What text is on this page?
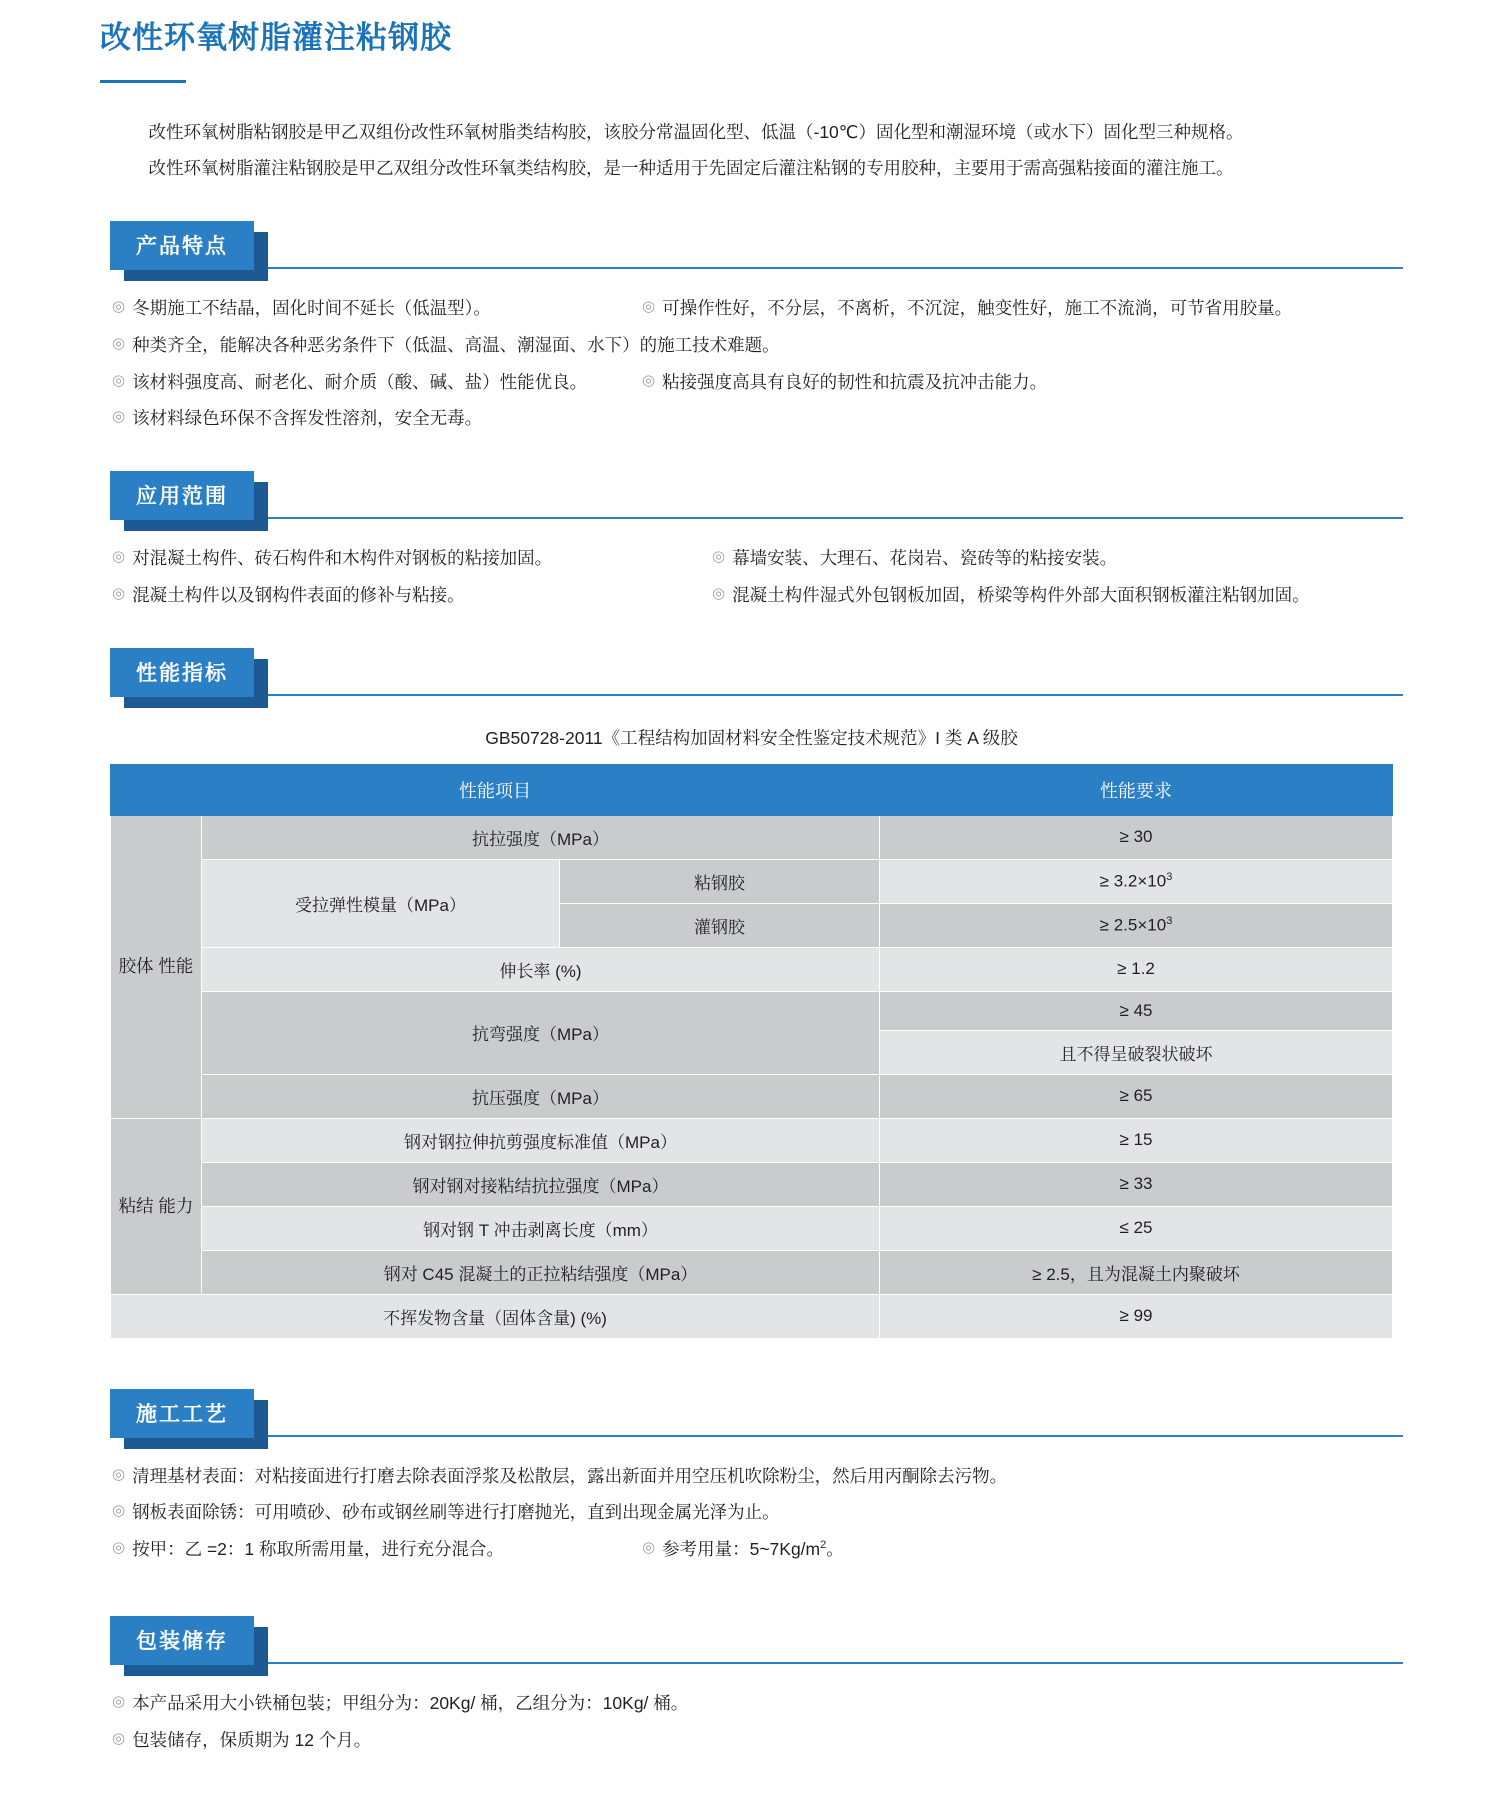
改性环氧树脂灌注粘钢胶

改性环氧树脂粘钢胶是甲乙双组份改性环氧树脂类结构胶，该胶分常温固化型、低温（-10℃）固化型和潮湿环境（或水下）固化型三种规格。

改性环氧树脂灌注粘钢胶是甲乙双组分改性环氧类结构胶，是一种适用于先固定后灌注粘钢的专用胶种，主要用于需高强粘接面的灌注施工。

产品特点
◎ 冬期施工不结晶，固化时间不延长（低温型）。	◎ 可操作性好，不分层，不离析，不沉淀，触变性好，施工不流淌，可节省用胶量。
◎ 种类齐全，能解决各种恶劣条件下（低温、高温、潮湿面、水下）的施工技术难题。
◎ 该材料强度高、耐老化、耐介质（酸、碱、盐）性能优良。	◎ 粘接强度高具有良好的韧性和抗震及抗冲击能力。
◎ 该材料绿色环保不含挥发性溶剂，安全无毒。
应用范围
◎ 对混凝土构件、砖石构件和木构件对钢板的粘接加固。	◎ 幕墙安装、大理石、花岗岩、瓷砖等的粘接安装。
◎ 混凝土构件以及钢构件表面的修补与粘接。	◎ 混凝土构件湿式外包钢板加固，桥梁等构件外部大面积钢板灌注粘钢加固。
性能指标
GB50728-2011《工程结构加固材料安全性鉴定技术规范》I 类 A 级胶
性能项目			性能要求
胶体 性能	抗拉强度（MPa）		≥ 30
	受拉弹性模量（MPa）	粘钢胶	≥ $3.2\times 10^3$
		灌钢胶	≥ $2.5\times 10^3$
	伸长率 (%)		≥ 1.2
	抗弯强度（MPa）		≥ 45
			且不得呈破裂状破坏
	抗压强度（MPa）		≥ 65
粘结 能力	钢对钢拉伸抗剪强度标准值（MPa）		≥ 15
	钢对钢对接粘结抗拉强度（MPa）		≥ 33
	钢对钢 T 冲击剥离长度（mm）		≤ 25
	钢对 C45 混凝土的正拉粘结强度（MPa）		≥ 2.5，且为混凝土内聚破坏
不挥发物含量（固体含量) (%)			≥ 99
施工工艺
◎ 清理基材表面：对粘接面进行打磨去除表面浮浆及松散层，露出新面并用空压机吹除粉尘，然后用丙酮除去污物。
◎ 钢板表面除锈：可用喷砂、砂布或钢丝刷等进行打磨抛光，直到出现金属光泽为止。
◎ 按甲：乙 =2：1 称取所需用量，进行充分混合。	◎ 参考用量：$5\sim 7Kg/m^2$。
包装储存
◎ 本产品采用大小铁桶包装；甲组分为：20Kg/ 桶，乙组分为：10Kg/ 桶。
◎ 包装储存，保质期为 12 个月。
